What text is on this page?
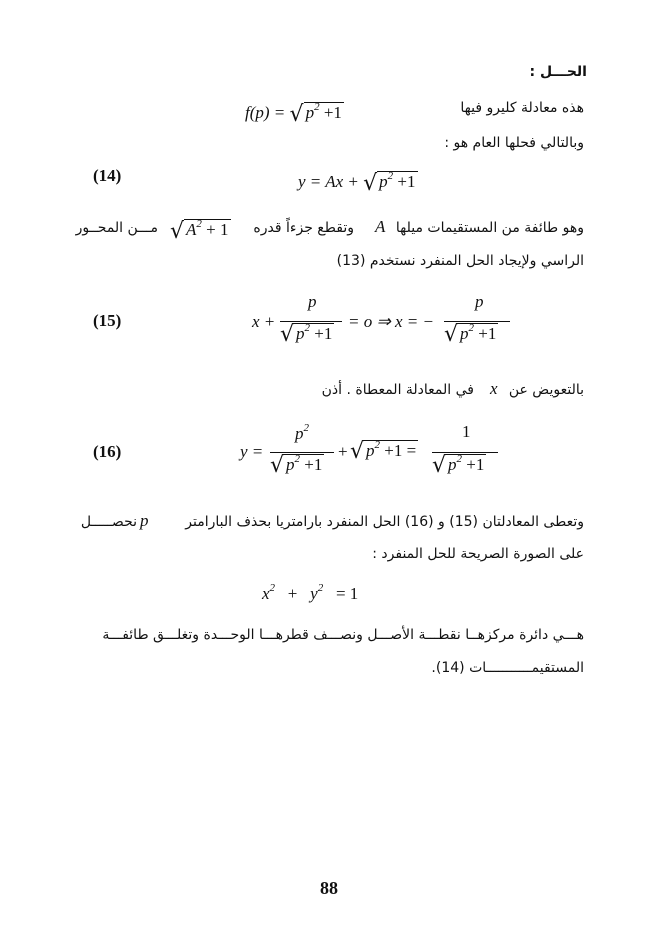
الحـــل :
هذه معادلة كليرو فيها
f(p) = √ $p^2 +1$
وبالتالي فحلها العام هو :
(14)	y = Ax + √ $p^2 +1$
وهو طائفة من المستقيمات ميلها
A
وتقطع جزءاً قدره
√ $A^2 + 1$
مـــن المحــور
الراسي ولإيجاد الحل المنفرد نستخدم (13)
(15)	x +
p
√ $p^2 +1$
= o ⇒ x = −
p
√ $p^2 +1$
بالتعويض عن
x
في المعادلة المعطاة . أذن
(16)	y =
$p^2$
√ $p^2 +1$
+ √ $p^2 +1$ =
1
√ $p^2 +1$
وتعطى المعادلتان (15) و (16) الحل المنفرد بارامتريا بحذف البارامتر
p
نحصـــــل
على الصورة الصريحة للحل المنفرد :
$x^2 + y^2 = 1$
هـــي دائرة مركزهــا نقطـــة الأصـــل ونصـــف قطرهـــا الوحـــدة وتغلـــق طائفـــة
المستقيمـــــــــــات (14).
88
